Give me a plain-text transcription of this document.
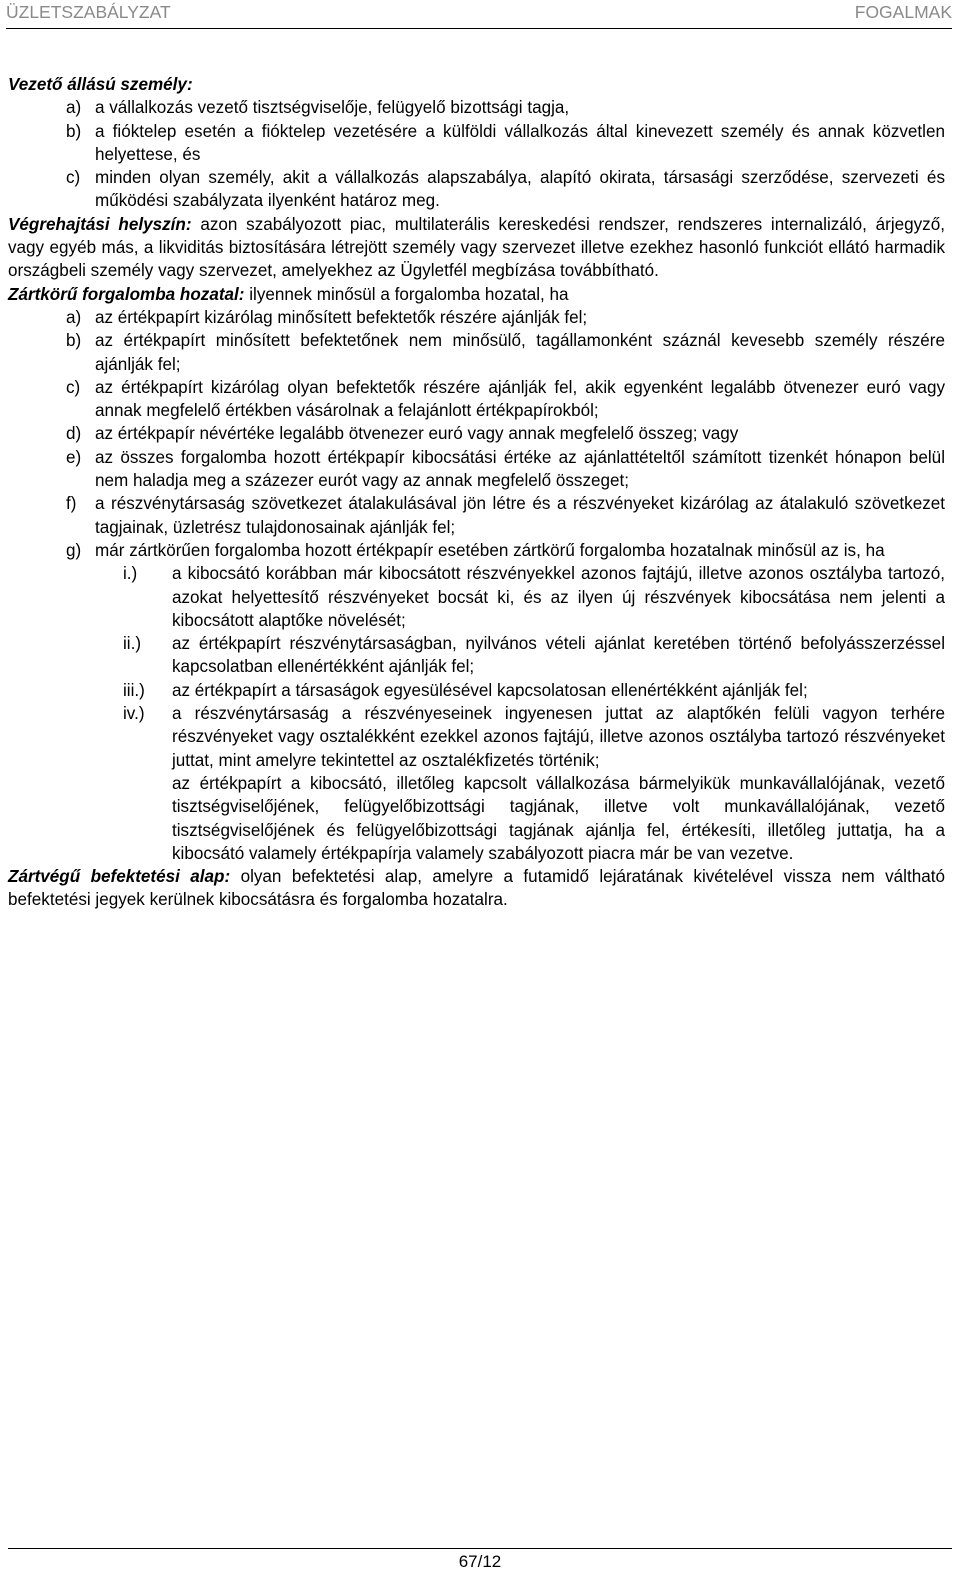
ÜZLETSZABÁLYZAT	FOGALMAK

Vezető állású személy:

a) a vállalkozás vezető tisztségviselője, felügyelő bizottsági tagja,
b) a fióktelep esetén a fióktelep vezetésére a külföldi vállalkozás által kinevezett személy és annak közvetlen helyettese, és
c) minden olyan személy, akit a vállalkozás alapszabálya, alapító okirata, társasági szerződése, szervezeti és működési szabályzata ilyenként határoz meg.

Végrehajtási helyszín: azon szabályozott piac, multilaterális kereskedési rendszer, rendszeres internalizáló, árjegyző, vagy egyéb más, a likviditás biztosítására létrejött személy vagy szervezet illetve ezekhez hasonló funkciót ellátó harmadik országbeli személy vagy szervezet, amelyekhez az Ügyletfél megbízása továbbítható.

Zártkörű forgalomba hozatal: ilyennek minősül a forgalomba hozatal, ha

a) az értékpapírt kizárólag minősített befektetők részére ajánlják fel;
b) az értékpapírt minősített befektetőnek nem minősülő, tagállamonként száznál kevesebb személy részére ajánlják fel;
c) az értékpapírt kizárólag olyan befektetők részére ajánlják fel, akik egyenként legalább ötvenezer euró vagy annak megfelelő értékben vásárolnak a felajánlott értékpapírokból;
d) az értékpapír névértéke legalább ötvenezer euró vagy annak megfelelő összeg; vagy
e) az összes forgalomba hozott értékpapír kibocsátási értéke az ajánlattételtől számított tizenkét hónapon belül nem haladja meg a százezer eurót vagy az annak megfelelő összeget;
f)	a részvénytársaság szövetkezet átalakulásával jön létre és a részvényeket kizárólag az átalakuló szövetkezet tagjainak, üzletrész tulajdonosainak ajánlják fel;
g) már zártkörűen forgalomba hozott értékpapír esetében zártkörű forgalomba hozatalnak minősül az is, ha
i.)	a kibocsátó korábban már kibocsátott részvényekkel azonos fajtájú, illetve azonos osztályba tartozó, azokat helyettesítő részvényeket bocsát ki, és az ilyen új részvények kibocsátása nem jelenti a kibocsátott alaptőke növelését;
ii.)	az értékpapírt részvénytársaságban, nyilvános vételi ajánlat keretében történő befolyásszerzéssel kapcsolatban ellenértékként ajánlják fel;
iii.)	az értékpapírt a társaságok egyesülésével kapcsolatosan ellenértékként ajánlják fel;
iv.)	a részvénytársaság a részvényeseinek ingyenesen juttat az alaptőkén felüli vagyon terhére részvényeket vagy osztalékként ezekkel azonos fajtájú, illetve azonos osztályba tartozó részvényeket juttat, mint amelyre tekintettel az osztalékfizetés történik;

az értékpapírt a kibocsátó, illetőleg kapcsolt vállalkozása bármelyikük munkavállalójának, vezető tisztségviselőjének, felügyelőbizottsági tagjának, illetve volt munkavállalójának, vezető tisztségviselőjének és felügyelőbizottsági tagjának ajánlja fel, értékesíti, illetőleg juttatja, ha a kibocsátó valamely értékpapírja valamely szabályozott piacra már be van vezetve.

Zártvégű befektetési alap: olyan befektetési alap, amelyre a futamidő lejáratának kivételével vissza nem váltható befektetési jegyek kerülnek kibocsátásra és forgalomba hozatalra.

67/12
